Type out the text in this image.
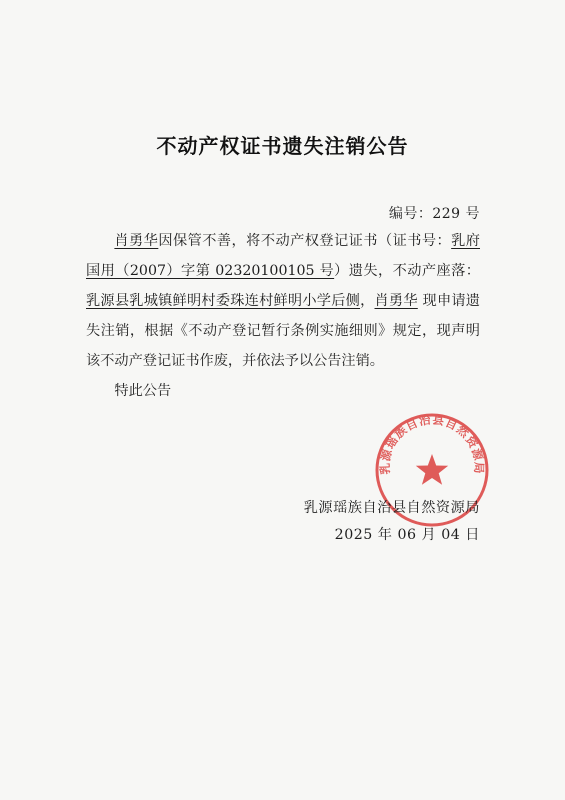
不动产权证书遗失注销公告
编号：229 号

肖勇华因保管不善，将不动产权登记证书（证书号：乳府国用（2007）字第 02320100105 号）遗失，不动产座落：乳源县乳城镇鲜明村委珠连村鲜明小学后侧，肖勇华 现申请遗失注销，根据《不动产登记暂行条例实施细则》规定，现声明该不动产登记证书作废，并依法予以公告注销。

特此公告

乳源瑶族自治县自然资源局
乳源瑶族自治县自然资源局
2025 年 06 月 04 日
